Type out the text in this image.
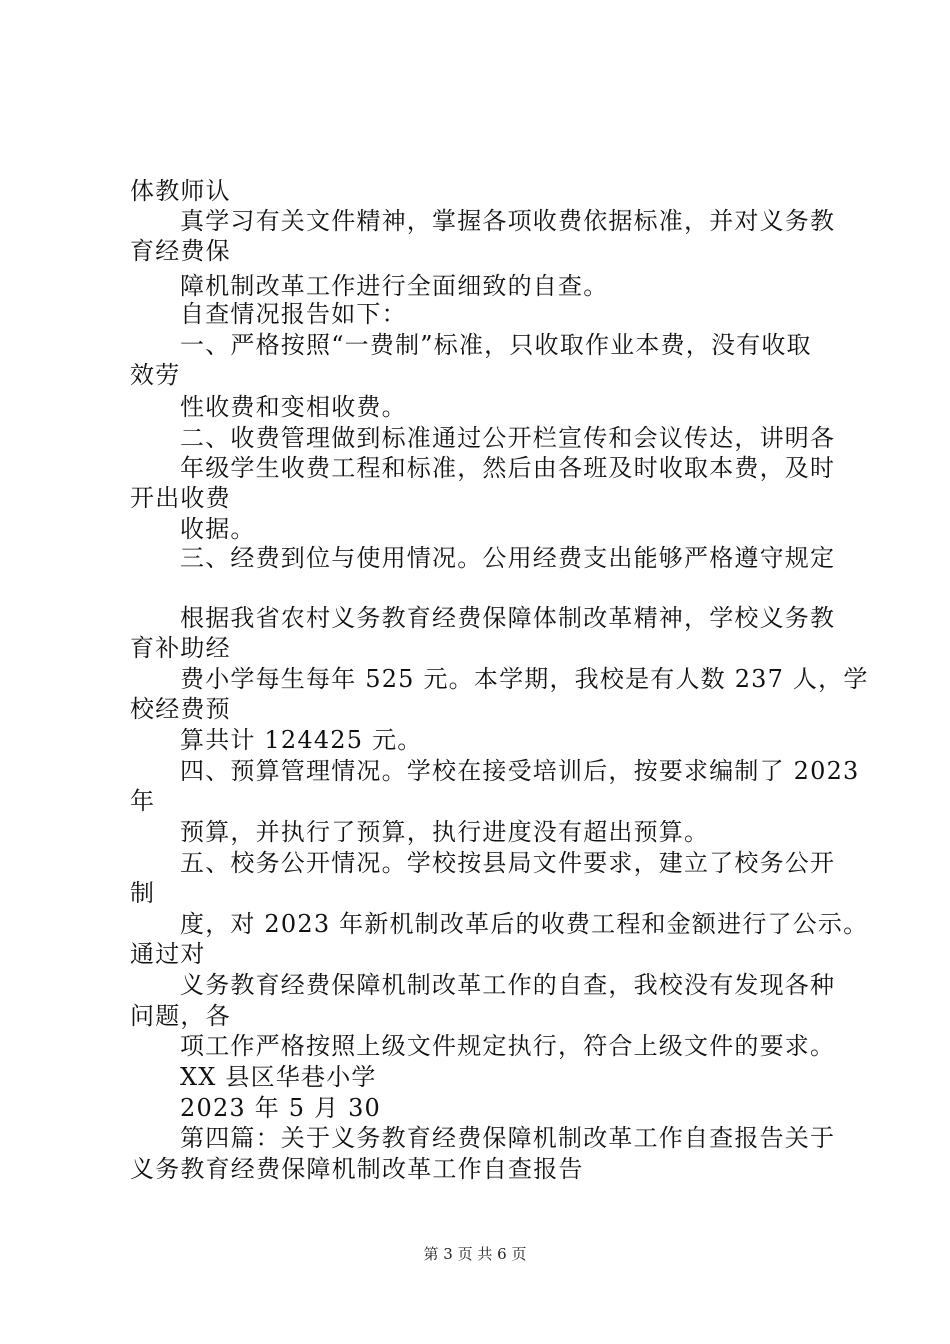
体教师认
真学习有关文件精神，掌握各项收费依据标准，并对义务教
育经费保
障机制改革工作进行全面细致的自查。
自查情况报告如下：
一、严格按照“一费制”标准，只收取作业本费，没有收取
效劳
性收费和变相收费。
二、收费管理做到标准通过公开栏宣传和会议传达，讲明各
年级学生收费工程和标准，然后由各班及时收取本费，及时
开出收费
收据。
三、经费到位与使用情况。公用经费支出能够严格遵守规定
根据我省农村义务教育经费保障体制改革精神，学校义务教
育补助经
费小学每生每年 525 元。本学期，我校是有人数 237 人，学
校经费预
算共计 124425 元。
四、预算管理情况。学校在接受培训后，按要求编制了 2023
年
预算，并执行了预算，执行进度没有超出预算。
五、校务公开情况。学校按县局文件要求，建立了校务公开
制
度，对 2023 年新机制改革后的收费工程和金额进行了公示。
通过对
义务教育经费保障机制改革工作的自查，我校没有发现各种
问题，各
项工作严格按照上级文件规定执行，符合上级文件的要求。
XX 县区华巷小学
2023 年 5 月 30
第四篇：关于义务教育经费保障机制改革工作自查报告关于
义务教育经费保障机制改革工作自查报告
第 3 页 共 6 页
